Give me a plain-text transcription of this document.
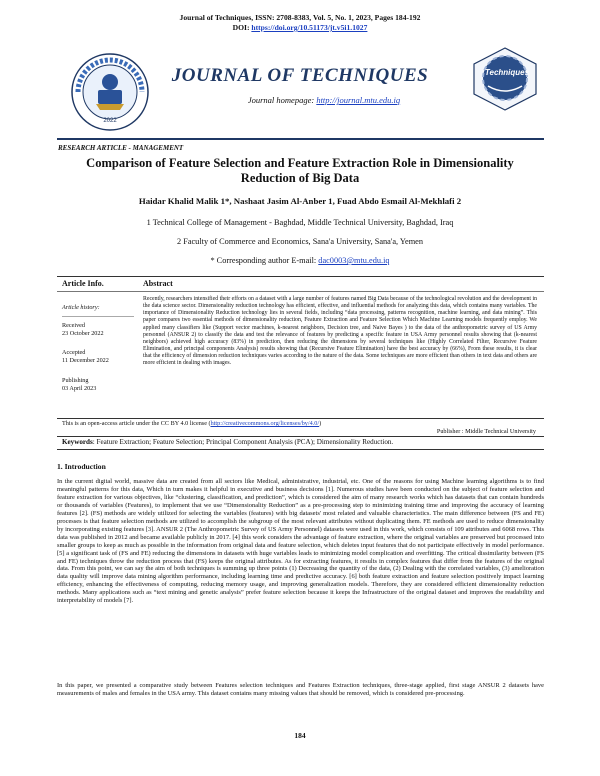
Journal of Techniques, ISSN: 2708-8383, Vol. 5, No. 1, 2023, Pages 184-192
DOI: https://doi.org/10.51173/jt.v5i1.1027
2022
JOURNAL OF TECHNIQUES
Journal homepage: http://journal.mtu.edu.iq
Techniques
RESEARCH ARTICLE - MANAGEMENT
Comparison of Feature Selection and Feature Extraction Role in Dimensionality Reduction of Big Data
Haidar Khalid Malik 1*, Nashaat Jasim Al-Anber 1, Fuad Abdo Esmail Al-Mekhlafi 2
1 Technical College of Management - Baghdad, Middle Technical University, Baghdad, Iraq
2 Faculty of Commerce and Economics, Sana'a University, Sana'a, Yemen
* Corresponding author E-mail: dac0003@mtu.edu.iq
Article Info.	Abstract
Article history:
Received
23 October 2022
Accepted
11 December 2022
Publishing
03 April 2023
Recently, researchers intensified their efforts on a dataset with a large number of features named Big Data because of the technological revolution and the development in the data science sector. Dimensionality reduction technology has efficient, effective, and influential methods for analyzing this data, which contains many variables. The importance of Dimensionality Reduction technology lies in several fields, including “data processing, patterns recognition, machine learning, and data mining”. This paper compares two essential methods of dimensionality reduction, Feature Extraction and Feature Selection Which Machine Learning models frequently employ. We applied many classifiers like (Support vector machines, k-nearest neighbors, Decision tree, and Naive Bayes ) to the data of the anthropometric survey of US Army personnel (ANSUR 2) to classify the data and test the relevance of features by predicting a specific feature in USA Army personnel results showing that (k-nearest neighbors) achieved high accuracy (83%) in prediction, then reducing the dimensions by several techniques like (Highly Correlated Filter, Recursive Feature Elimination, and principal components Analysis) results showing that (Recursive Feature Elimination) have the best accuracy by (66%), From these results, it is clear that the efficiency of dimension reduction techniques varies according to the nature of the data. Some techniques are more efficient than others in text data and others are more efficient in dealing with images.
This is an open-access article under the CC BY 4.0 license (http://creativecommons.org/licenses/by/4.0/)
Publisher : Middle Technical University
Keywords: Feature Extraction; Feature Selection; Principal Component Analysis (PCA); Dimensionality Reduction.
1. Introduction
In the current digital world, massive data are created from all sectors like Medical, administrative, industrial, etc. One of the reasons for using Machine learning algorithms is to find meaningful patterns for this data, Which in turn makes it helpful in executive and business decisions [1]. Numerous studies have been conducted on the subject of feature selection and feature extraction for various objectives, like “clustering, classification, and prediction”, which is considered the aim of many research works which has datasets that can contain hundreds or thousands of variables (Features), to implement that we use “Dimensionality Reduction” as a pre-processing step to minimizing training time and improving the accuracy of learning features [2]. (FS) methods are widely utilized for selecting the variables (features) with big datasets' most related and valuable characteristics. The main difference between (FS and FE) processes is that feature selection methods are utilized to accomplish the subgroup of the most relevant attributes without duplicating them. FE methods are used to reduce dimensionality by incorporating existing features [3]. ANSUR 2 (The Anthropometric Survey of US Army Personnel) datasets were used in this work, which consists of 109 attributes and 6068 rows. This data was published in 2012 and became available publicly in 2017. [4] this work considers the advantage of feature extraction, where the original variables are preserved but processed into smaller groups to keep as much as possible in the information from original data and feature selection, which deletes input features that do not participate effectively in model performance. [5] a significant task of (FS and FE) reducing the dimensions in datasets with huge variables leads to minimizing model complication and overfitting. The critical dissimilarity between (FS and FE) techniques throw the reduction process that (FS) keeps the original attributes. As for extracting features, it results in complex features that differ from the features of the original data. From this point, we can say the aim of both techniques is summing up three points (1) Decreasing the quantity of the data, (2) Dealing with the correlated variables, (3) amelioration data quality will improve data mining algorithm performance, including learning time and predictive accuracy. [6] both feature extraction and feature selection positively impact learning efficiency, enhancing the effectiveness of computing, reducing memory usage, and improving generalization models. Therefore, they are considered efficient dimensionality reduction methods. Many applications such as “text mining and genetic analysis” prefer feature selection because it keeps the Infrastructure of the original dataset and improves the readability and interpretability of models [7].
In this paper, we presented a comparative study between Features selection techniques and Features Extraction techniques, three-stage applied, first stage ANSUR 2 datasets have measurements of males and females in the USA army. This dataset contains many missing values that should be removed, which is considered pre-processing.
184
